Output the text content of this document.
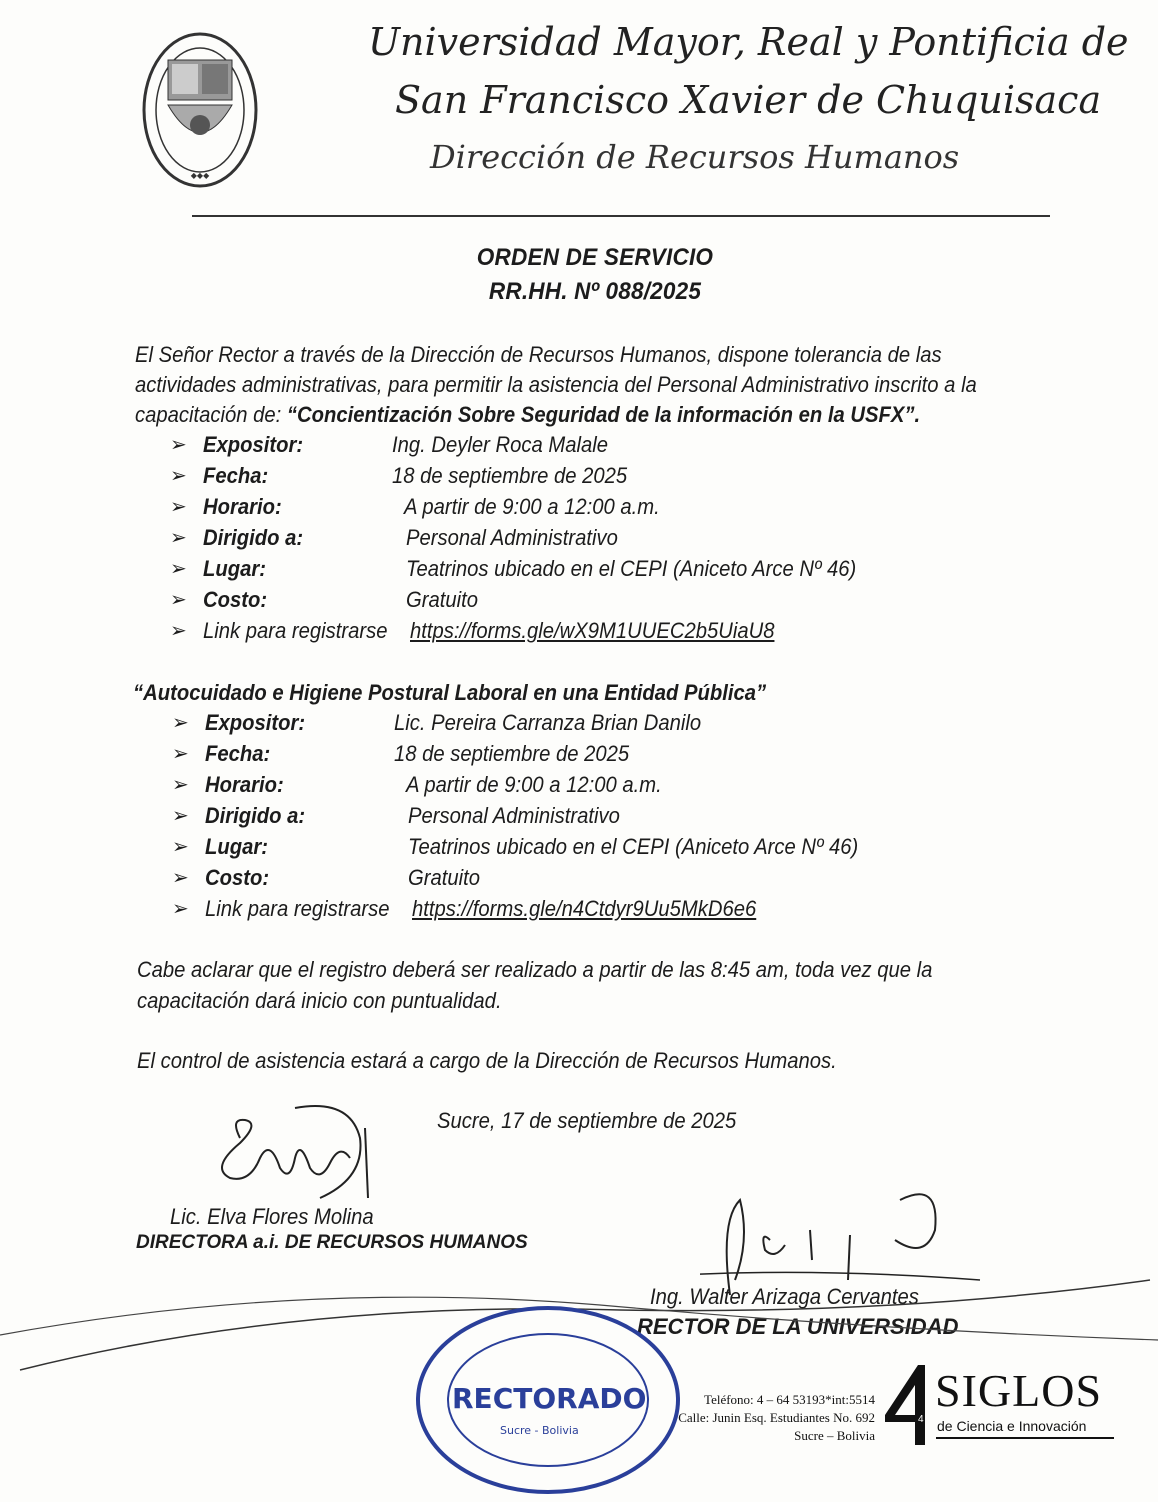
◆◆◆
Universidad Mayor, Real y Pontificia de
San Francisco Xavier de Chuquisaca
Dirección de Recursos Humanos
ORDEN DE SERVICIO
RR.HH. Nº 088/2025
El Señor Rector a través de la Dirección de Recursos Humanos, dispone tolerancia de las
actividades administrativas, para permitir la asistencia del Personal Administrativo inscrito a la
capacitación de: “Concientización Sobre Seguridad de la información en la USFX”.
➢ Expositor:	Ing. Deyler Roca Malale
➢ Fecha:	18 de septiembre de 2025
➢ Horario:	A partir de 9:00 a 12:00 a.m.
➢ Dirigido a:	Personal Administrativo
➢ Lugar:	Teatrinos ubicado en el CEPI (Aniceto Arce Nº 46)
➢ Costo:	Gratuito
➢ Link para registrarse https://forms.gle/wX9M1UUEC2b5UiaU8
“Autocuidado e Higiene Postural Laboral en una Entidad Pública”
➢ Expositor:	Lic. Pereira Carranza Brian Danilo
➢ Fecha:	18 de septiembre de 2025
➢ Horario:	A partir de 9:00 a 12:00 a.m.
➢ Dirigido a:	Personal Administrativo
➢ Lugar:	Teatrinos ubicado en el CEPI (Aniceto Arce Nº 46)
➢ Costo:	Gratuito
➢ Link para registrarse https://forms.gle/n4Ctdyr9Uu5MkD6e6
Cabe aclarar que el registro deberá ser realizado a partir de las 8:45 am, toda vez que la
capacitación dará inicio con puntualidad.
El control de asistencia estará a cargo de la Dirección de Recursos Humanos.
Sucre, 17 de septiembre de 2025
Lic. Elva Flores Molina
DIRECTORA a.i. DE RECURSOS HUMANOS
Ing. Walter Arizaga Cervantes
RECTOR DE LA UNIVERSIDAD
RECTORADO
Sucre - Bolivia
Teléfono: 4 – 64 53193*int:5514
Calle: Junin Esq. Estudiantes No. 692
Sucre – Bolivia
4
SIGLOS
de Ciencia e Innovación
